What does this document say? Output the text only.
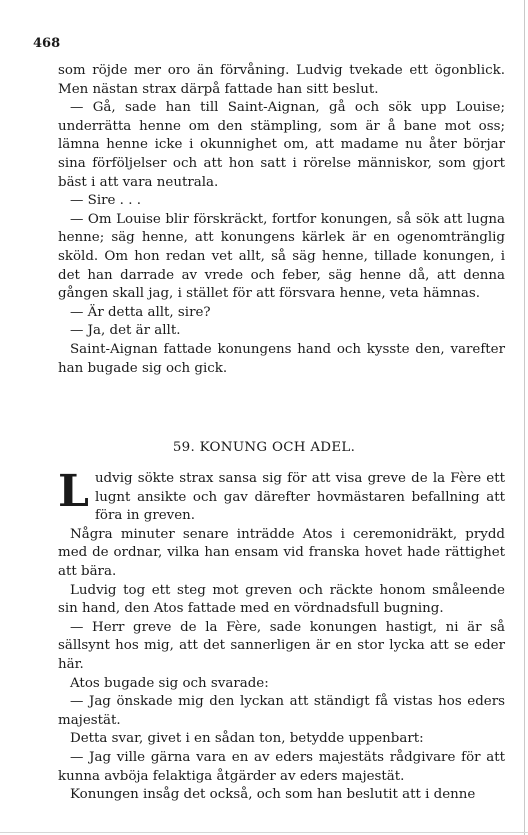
468

som röjde mer oro än förvåning. Ludvig tvekade ett ögonblick. Men nästan strax därpå fattade han sitt beslut.

— Gå, sade han till Saint-Aignan, gå och sök upp Louise; underrätta henne om den stämpling, som är å bane mot oss; lämna henne icke i okunnighet om, att madame nu åter börjar sina förföljelser och att hon satt i rörelse människor, som gjort bäst i att vara neutrala.

— Sire . . .

— Om Louise blir förskräckt, fortfor konungen, så sök att lugna henne; säg henne, att konungens kärlek är en ogenomtränglig sköld. Om hon redan vet allt, så säg henne, tillade konungen, i det han darrade av vrede och feber, säg henne då, att denna gången skall jag, i stället för att försvara henne, veta hämnas.

— Är detta allt, sire?

— Ja, det är allt.

Saint-Aignan fattade konungens hand och kysste den, varefter han bugade sig och gick.

59. KONUNG OCH ADEL.

L udvig sökte strax sansa sig för att visa greve de la Fère ett lugnt ansikte och gav därefter hovmästaren befallning att föra in greven.

Några minuter senare inträdde Atos i ceremonidräkt, prydd med de ordnar, vilka han ensam vid franska hovet hade rättighet att bära.

Ludvig tog ett steg mot greven och räckte honom småleende sin hand, den Atos fattade med en vördnadsfull bugning.

— Herr greve de la Fère, sade konungen hastigt, ni är så sällsynt hos mig, att det sannerligen är en stor lycka att se eder här.

Atos bugade sig och svarade:

— Jag önskade mig den lyckan att ständigt få vistas hos eders majestät.

Detta svar, givet i en sådan ton, betydde uppenbart:

— Jag ville gärna vara en av eders majestäts rådgivare för att kunna avböja felaktiga åtgärder av eders majestät.

Konungen insåg det också, och som han beslutit att i denne
